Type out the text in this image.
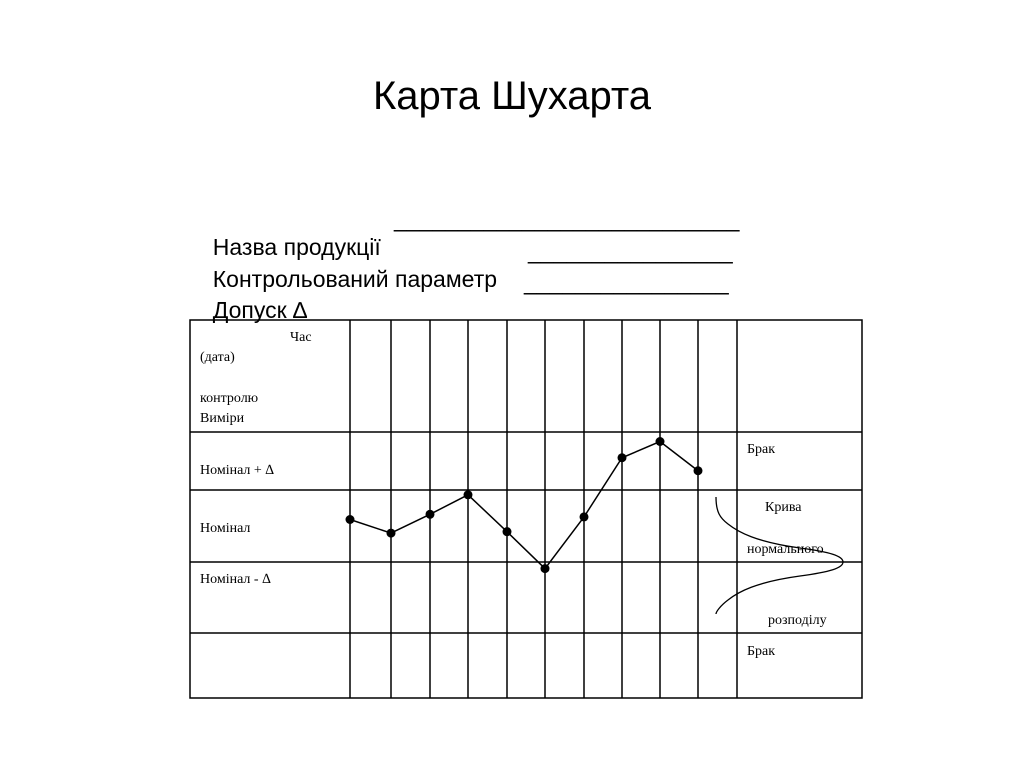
Карта Шухарта

Назва продукції

___________________________

Контрольований параметр

________________

Допуск ∆

________________

Час
(дата)
контролю
Виміри
Номінал + ∆
Номінал
Номінал - ∆
Брак
Крива
нормального
розподілу
Брак
